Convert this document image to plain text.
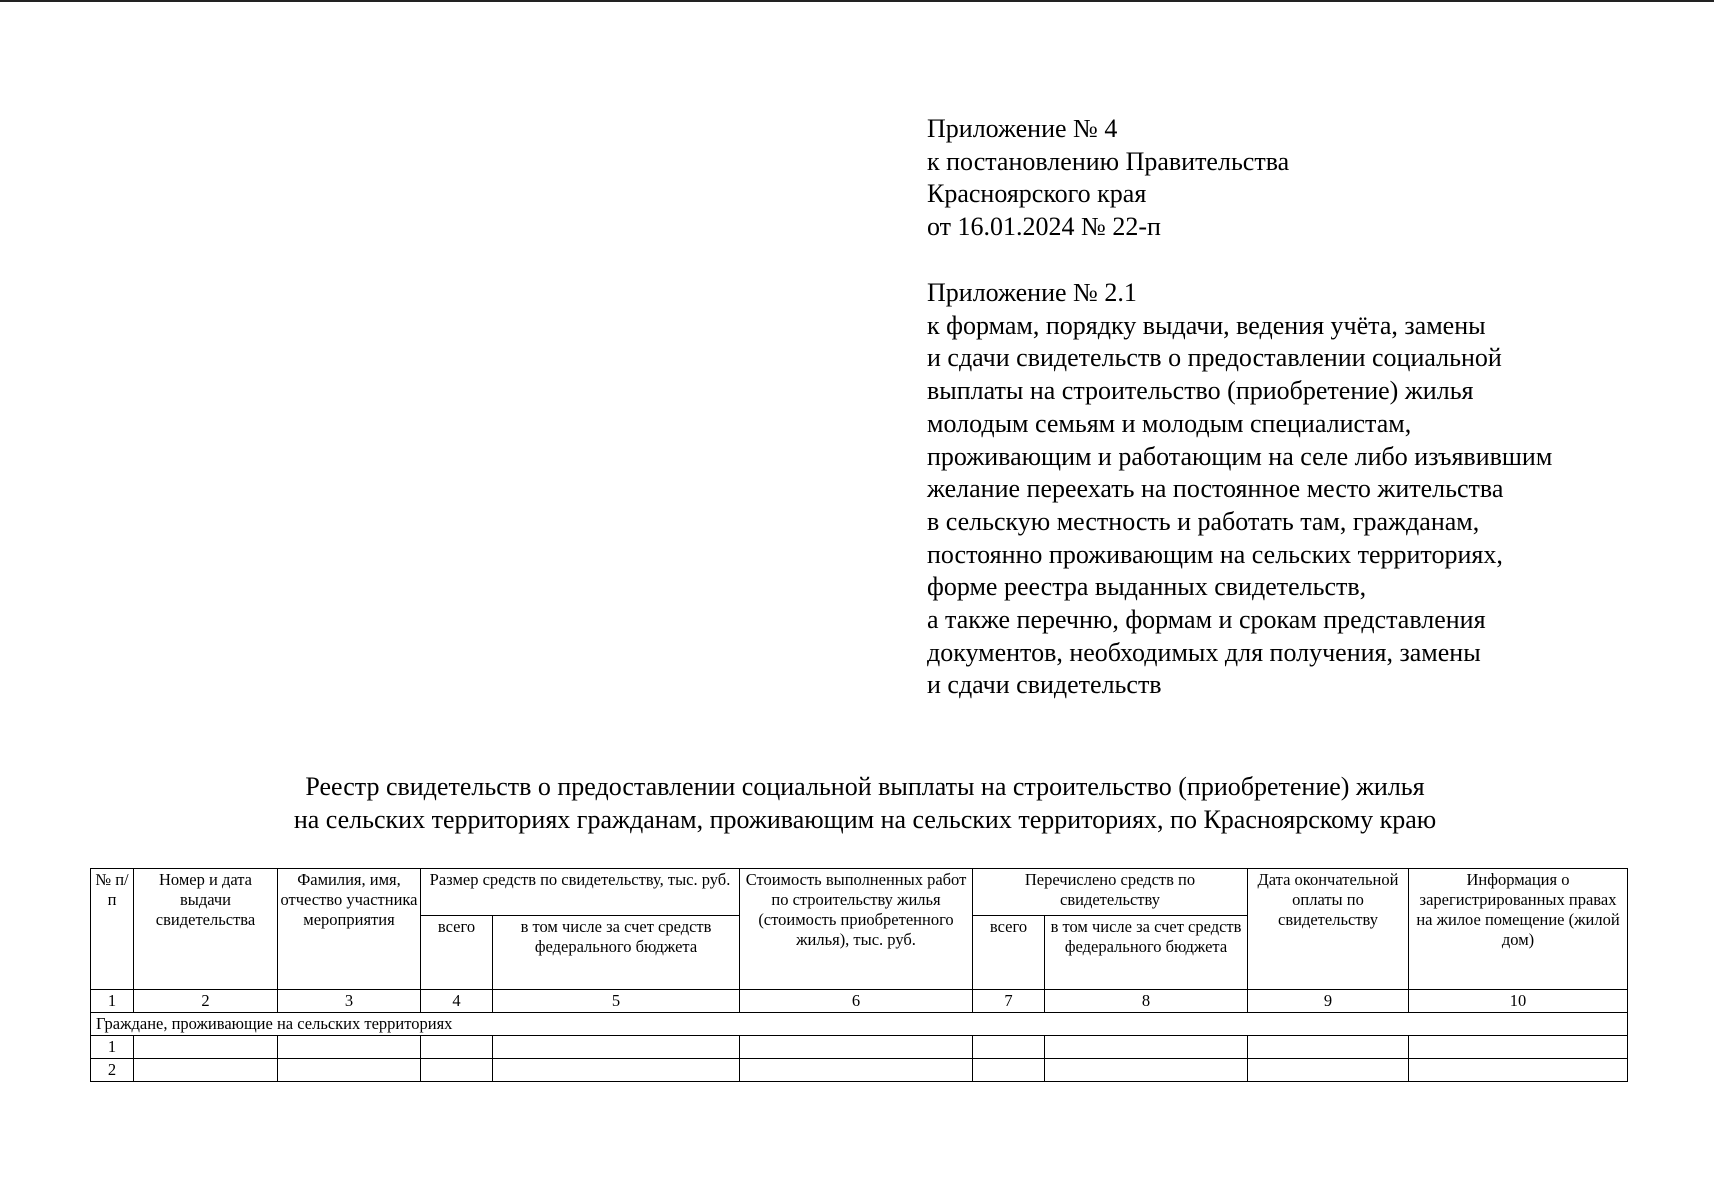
Приложение № 4
к постановлению Правительства
Красноярского края
от 16.01.2024 № 22-п
Приложение № 2.1
к формам, порядку выдачи, ведения учёта, замены
и сдачи свидетельств о предоставлении социальной
выплаты на строительство (приобретение) жилья
молодым семьям и молодым специалистам,
проживающим и работающим на селе либо изъявившим
желание переехать на постоянное место жительства
в сельскую местность и работать там, гражданам,
постоянно проживающим на сельских территориях,
форме реестра выданных свидетельств,
а также перечню, формам и срокам представления
документов, необходимых для получения, замены
и сдачи свидетельств
Реестр свидетельств о предоставлении социальной выплаты на строительство (приобретение) жилья
на сельских территориях гражданам, проживающим на сельских территориях, по Красноярскому краю
№ п/п	Номер и дата выдачи свидетельства	Фамилия, имя, отчество участника мероприятия	Размер средств по свидетельству, тыс. руб.		Стоимость выполненных работ по строительству жилья (стоимость приобретенного жилья), тыс. руб.	Перечислено средств по свидетельству		Дата окончательной оплаты по свидетельству	Информация о зарегистрированных правах на жилое помещение (жилой дом)
			всего	в том числе за счет средств федерального бюджета		всего	в том числе за счет средств федерального бюджета		
1	2	3	4	5	6	7	8	9	10
Граждане, проживающие на сельских территориях									
1									
2									
